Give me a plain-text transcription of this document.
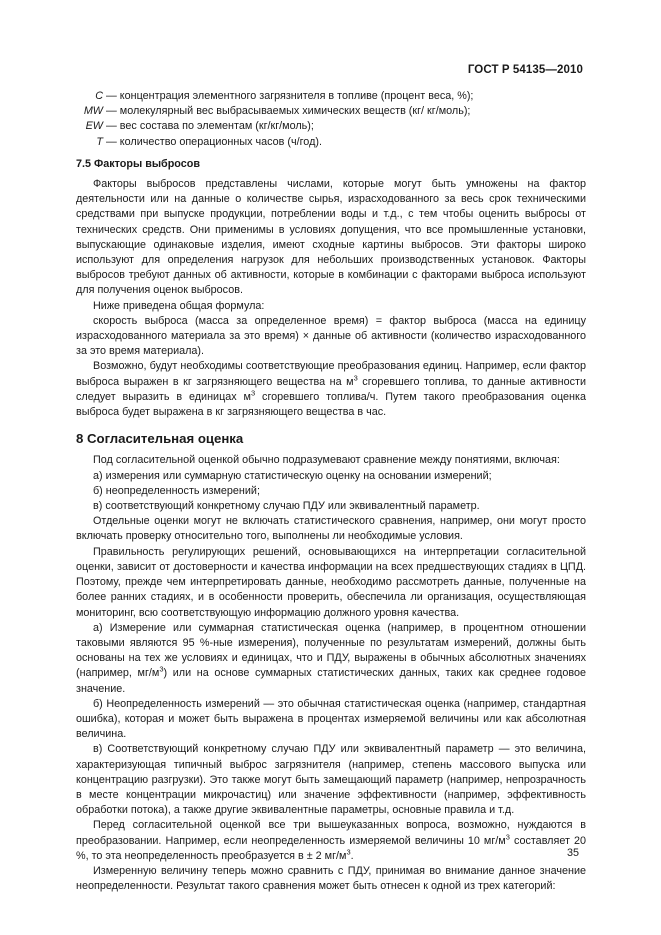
ГОСТ Р 54135—2010
C — концентрация элементного загрязнителя в топливе (процент веса, %);
MW — молекулярный вес выбрасываемых химических веществ (кг/ кг/моль);
EW — вес состава по элементам (кг/кг/моль);
T — количество операционных часов (ч/год).
7.5 Факторы выбросов

Факторы выбросов представлены числами, которые могут быть умножены на фактор деятельности или на данные о количестве сырья, израсходованного за весь срок техническими средствами при выпуске продукции, потреблении воды и т.д., с тем чтобы оценить выбросы от технических средств. Они применимы в условиях допущения, что все промышленные установки, выпускающие одинаковые изделия, имеют сходные картины выбросов. Эти факторы широко используют для определения нагрузок для небольших производственных установок. Факторы выбросов требуют данных об активности, которые в комбинации с факторами выброса используют для получения оценок выбросов.

Ниже приведена общая формула:

скорость выброса (масса за определенное время) = фактор выброса (масса на единицу израсходованного материала за это время) × данные об активности (количество израсходованного за это время материала).

Возможно, будут необходимы соответствующие преобразования единиц. Например, если фактор выброса выражен в кг загрязняющего вещества на $м^3$ сгоревшего топлива, то данные активности следует выразить в единицах $м^3$ сгоревшего топлива/ч. Путем такого преобразования оценка выброса будет выражена в кг загрязняющего вещества в час.

8 Согласительная оценка

Под согласительной оценкой обычно подразумевают сравнение между понятиями, включая:

а) измерения или суммарную статистическую оценку на основании измерений;

б) неопределенность измерений;

в) соответствующий конкретному случаю ПДУ или эквивалентный параметр.

Отдельные оценки могут не включать статистического сравнения, например, они могут просто включать проверку относительно того, выполнены ли необходимые условия.

Правильность регулирующих решений, основывающихся на интерпретации согласительной оценки, зависит от достоверности и качества информации на всех предшествующих стадиях в ЦПД. Поэтому, прежде чем интерпретировать данные, необходимо рассмотреть данные, полученные на более ранних стадиях, и в особенности проверить, обеспечила ли организация, осуществляющая мониторинг, всю соответствующую информацию должного уровня качества.

а) Измерение или суммарная статистическая оценка (например, в процентном отношении таковыми являются 95 %-ные измерения), полученные по результатам измерений, должны быть основаны на тех же условиях и единицах, что и ПДУ, выражены в обычных абсолютных значениях (например, $мг/м^3$) или на основе суммарных статистических данных, таких как среднее годовое значение.

б) Неопределенность измерений — это обычная статистическая оценка (например, стандартная ошибка), которая и может быть выражена в процентах измеряемой величины или как абсолютная величина.

в) Соответствующий конкретному случаю ПДУ или эквивалентный параметр — это величина, характеризующая типичный выброс загрязнителя (например, степень массового выпуска или концентрацию разгрузки). Это также могут быть замещающий параметр (например, непрозрачность в месте концентрации микрочастиц) или значение эффективности (например, эффективность обработки потока), а также другие эквивалентные параметры, основные правила и т.д.

Перед согласительной оценкой все три вышеуказанных вопроса, возможно, нуждаются в преобразовании. Например, если неопределенность измеряемой величины 10 $мг/м^3$ составляет 20 %, то эта неопределенность преобразуется в ± 2 $мг/м^3$.

Измеренную величину теперь можно сравнить с ПДУ, принимая во внимание данное значение неопределенности. Результат такого сравнения может быть отнесен к одной из трех категорий:

35
